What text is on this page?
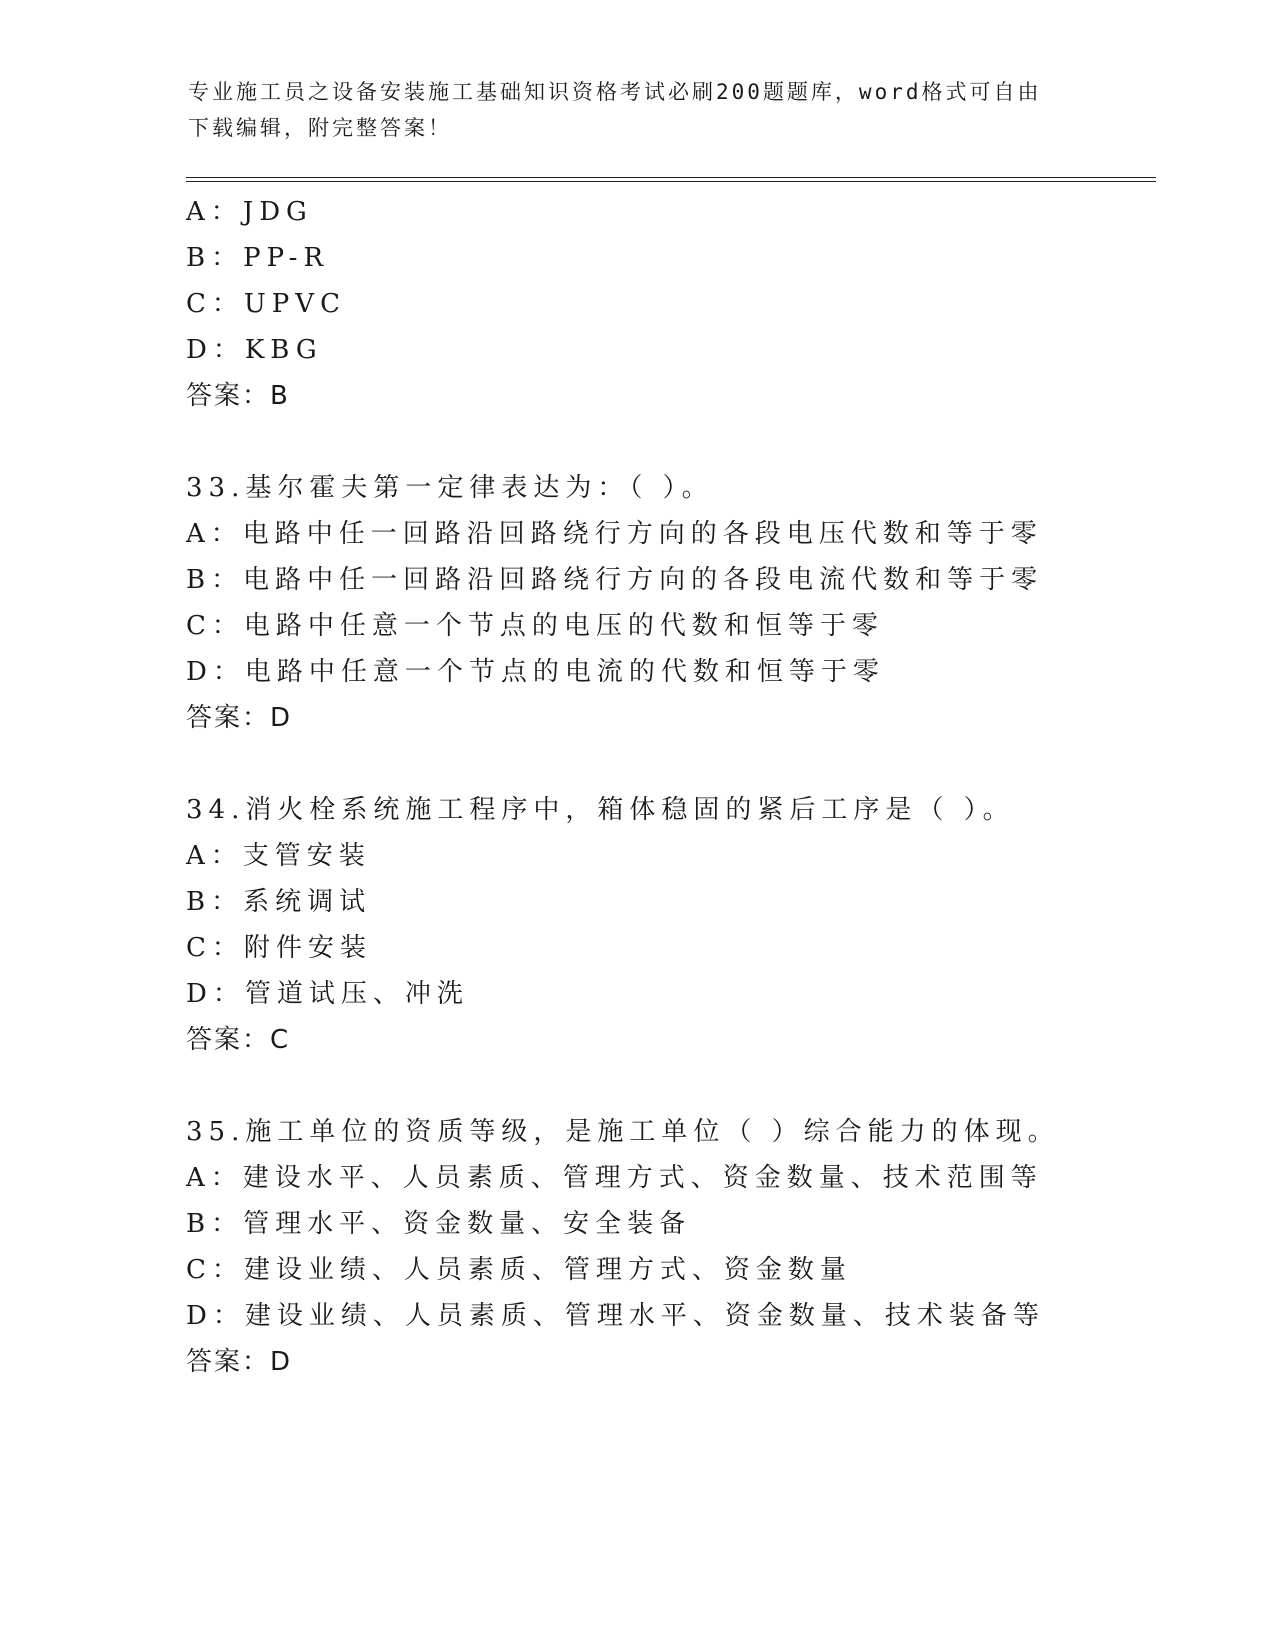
专业施工员之设备安装施工基础知识资格考试必刷200题题库，word格式可自由
下载编辑，附完整答案！
A：JDG
B：PP-R
C：UPVC
D：KBG
答案：B
33.基尔霍夫第一定律表达为：（ ）。
A：电路中任一回路沿回路绕行方向的各段电压代数和等于零
B：电路中任一回路沿回路绕行方向的各段电流代数和等于零
C：电路中任意一个节点的电压的代数和恒等于零
D：电路中任意一个节点的电流的代数和恒等于零
答案：D
34.消火栓系统施工程序中，箱体稳固的紧后工序是（ ）。
A：支管安装
B：系统调试
C：附件安装
D：管道试压、冲洗
答案：C
35.施工单位的资质等级，是施工单位（ ）综合能力的体现。
A：建设水平、人员素质、管理方式、资金数量、技术范围等
B：管理水平、资金数量、安全装备
C：建设业绩、人员素质、管理方式、资金数量
D：建设业绩、人员素质、管理水平、资金数量、技术装备等
答案：D
